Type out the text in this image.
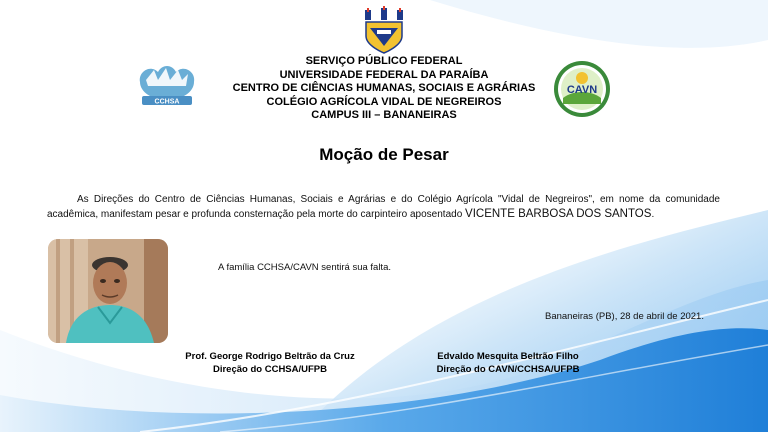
CCHSA
CAVN
SERVIÇO PÚBLICO FEDERAL
UNIVERSIDADE FEDERAL DA PARAÍBA
CENTRO DE CIÊNCIAS HUMANAS, SOCIAIS E AGRÁRIAS
COLÉGIO AGRÍCOLA VIDAL DE NEGREIROS
CAMPUS III – BANANEIRAS
Moção de Pesar
As Direções do Centro de Ciências Humanas, Sociais e Agrárias e do Colégio Agrícola "Vidal de Negreiros", em nome da comunidade acadêmica, manifestam pesar e profunda consternação pela morte do carpinteiro aposentado VICENTE BARBOSA DOS SANTOS.
A família CCHSA/CAVN sentirá sua falta.
Bananeiras (PB), 28 de abril de 2021.
Prof. George Rodrigo Beltrão da Cruz
Direção do CCHSA/UFPB
Edvaldo Mesquita Beltrão Filho
Direção do CAVN/CCHSA/UFPB
